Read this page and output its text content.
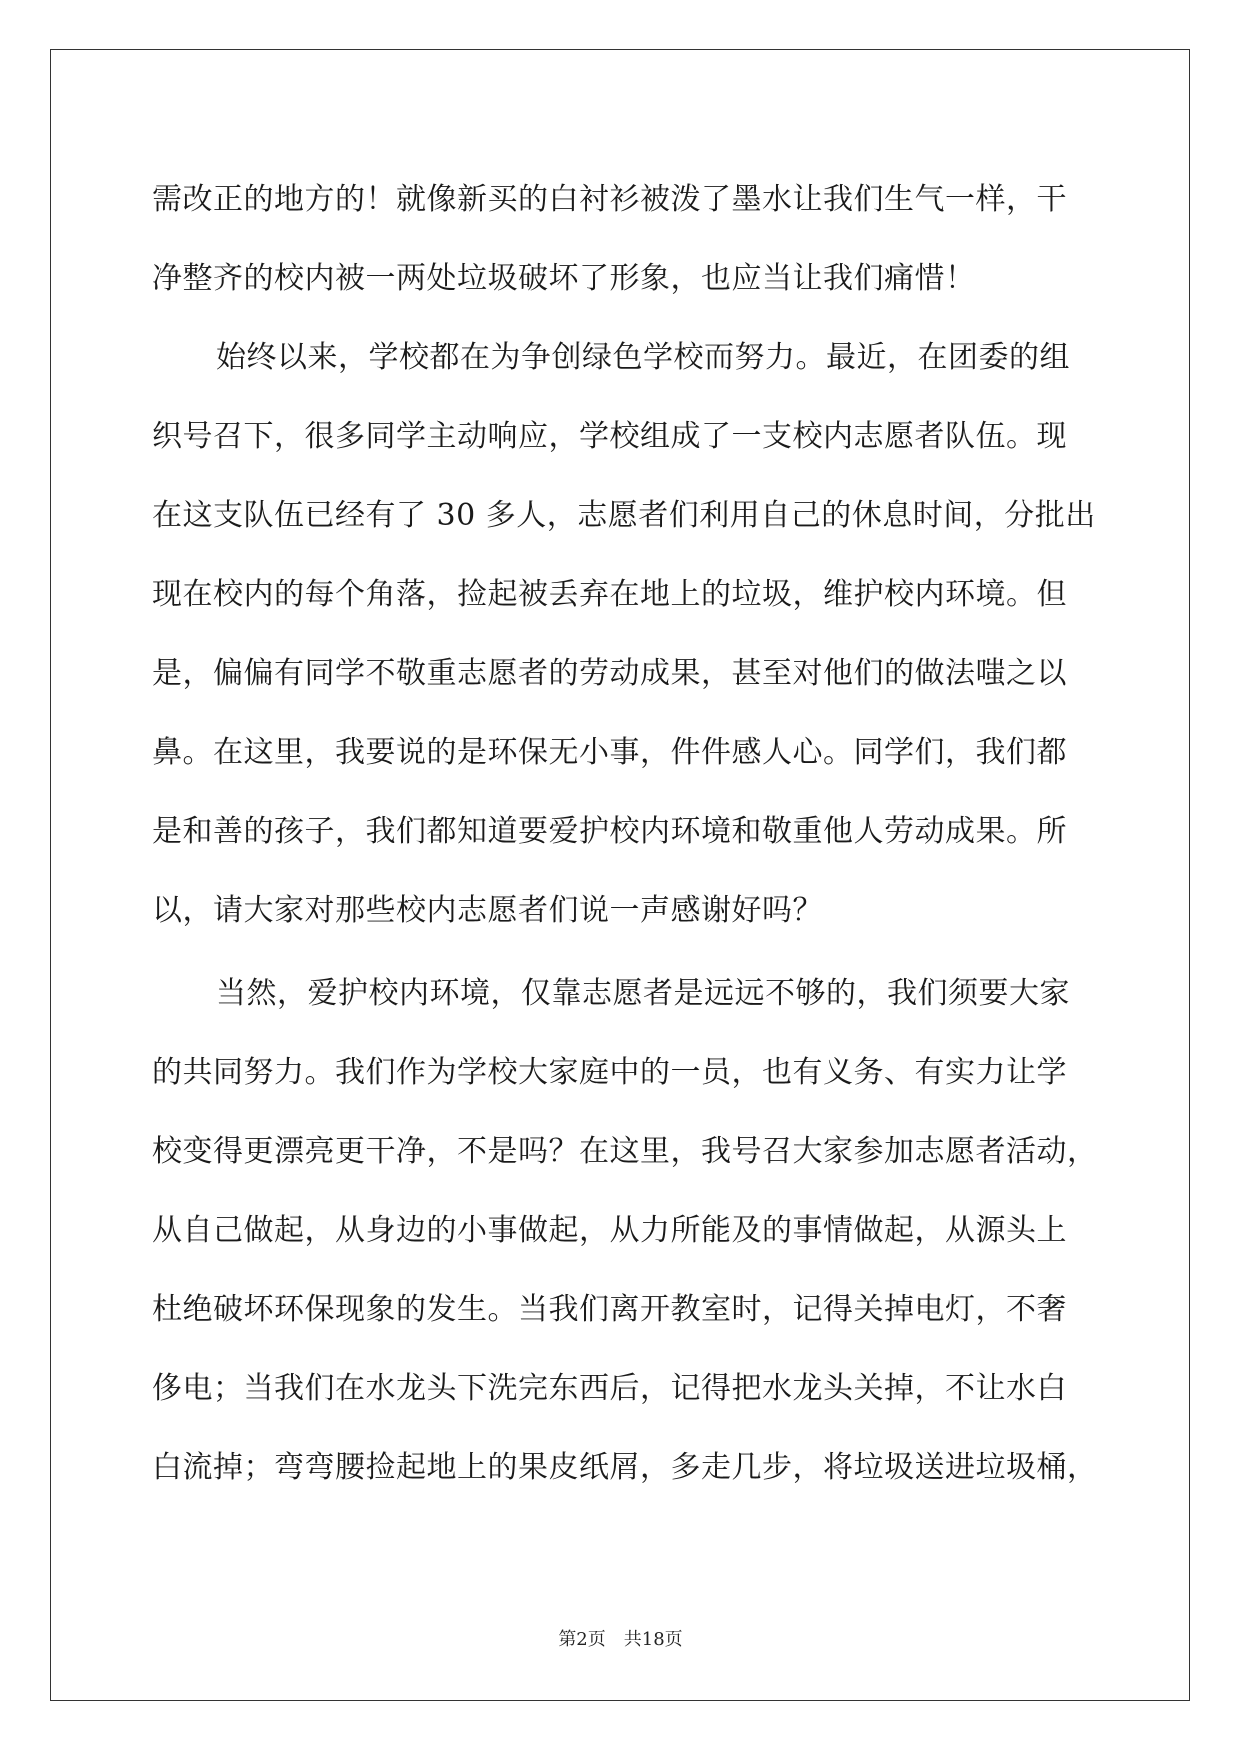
需改正的地方的！就像新买的白衬衫被泼了墨水让我们生气一样，干
净整齐的校内被一两处垃圾破坏了形象，也应当让我们痛惜！
始终以来，学校都在为争创绿色学校而努力。最近，在团委的组
织号召下，很多同学主动响应，学校组成了一支校内志愿者队伍。现
在这支队伍已经有了 30 多人，志愿者们利用自己的休息时间，分批出
现在校内的每个角落，捡起被丢弃在地上的垃圾，维护校内环境。但
是，偏偏有同学不敬重志愿者的劳动成果，甚至对他们的做法嗤之以
鼻。在这里，我要说的是环保无小事，件件感人心。同学们，我们都
是和善的孩子，我们都知道要爱护校内环境和敬重他人劳动成果。所
以，请大家对那些校内志愿者们说一声感谢好吗？
当然，爱护校内环境，仅靠志愿者是远远不够的，我们须要大家
的共同努力。我们作为学校大家庭中的一员，也有义务、有实力让学
校变得更漂亮更干净，不是吗？在这里，我号召大家参加志愿者活动，
从自己做起，从身边的小事做起，从力所能及的事情做起，从源头上
杜绝破坏环保现象的发生。当我们离开教室时，记得关掉电灯，不奢
侈电；当我们在水龙头下洗完东西后，记得把水龙头关掉，不让水白
白流掉；弯弯腰捡起地上的果皮纸屑，多走几步，将垃圾送进垃圾桶，
第2页 共18页
